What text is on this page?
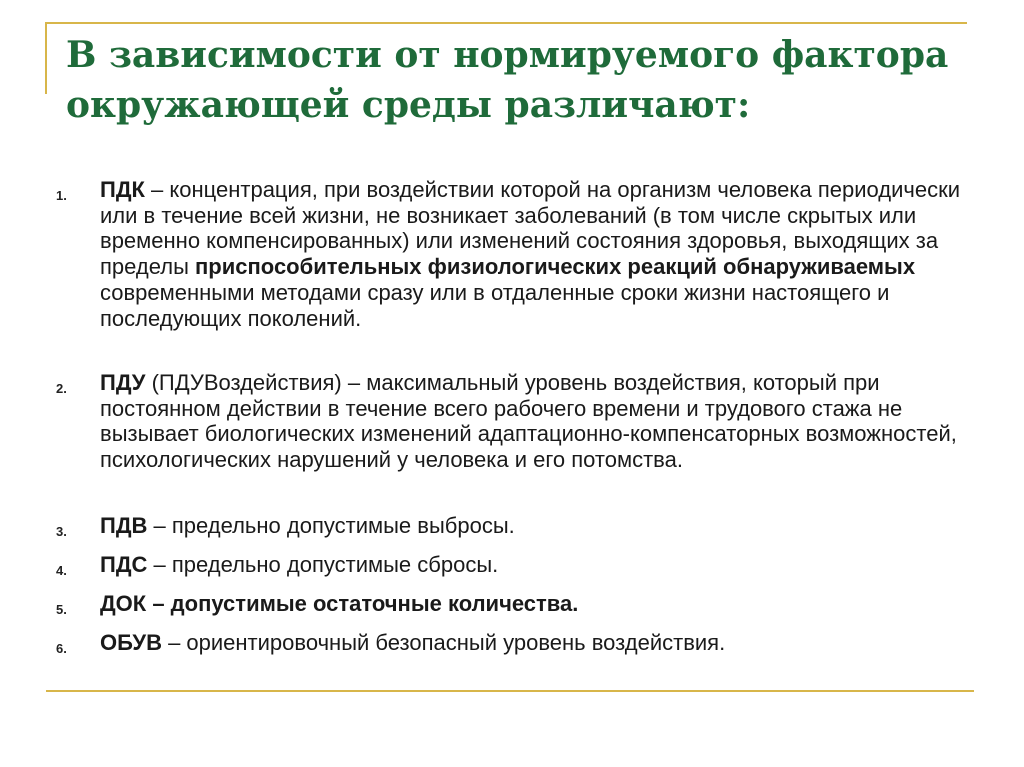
В зависимости от нормируемого фактора
окружающей среды различают:
1. ПДК – концентрация, при воздействии которой на организм человека периодически или в течение всей жизни, не возникает заболеваний (в том числе скрытых или временно компенсированных) или изменений состояния здоровья, выходящих за пределы приспособительных физиологических реакций обнаруживаемых современными методами сразу или в отдаленные сроки жизни настоящего и последующих поколений.
2. ПДУ (ПДУВоздействия) – максимальный уровень воздействия, который при постоянном действии в течение всего рабочего времени и трудового стажа не вызывает биологических изменений адаптационно-компенсаторных возможностей, психологических нарушений у человека и его потомства.
3. ПДВ – предельно допустимые выбросы.
4. ПДС – предельно допустимые сбросы.
5. ДОК – допустимые остаточные количества.
6. ОБУВ – ориентировочный безопасный уровень воздействия.
